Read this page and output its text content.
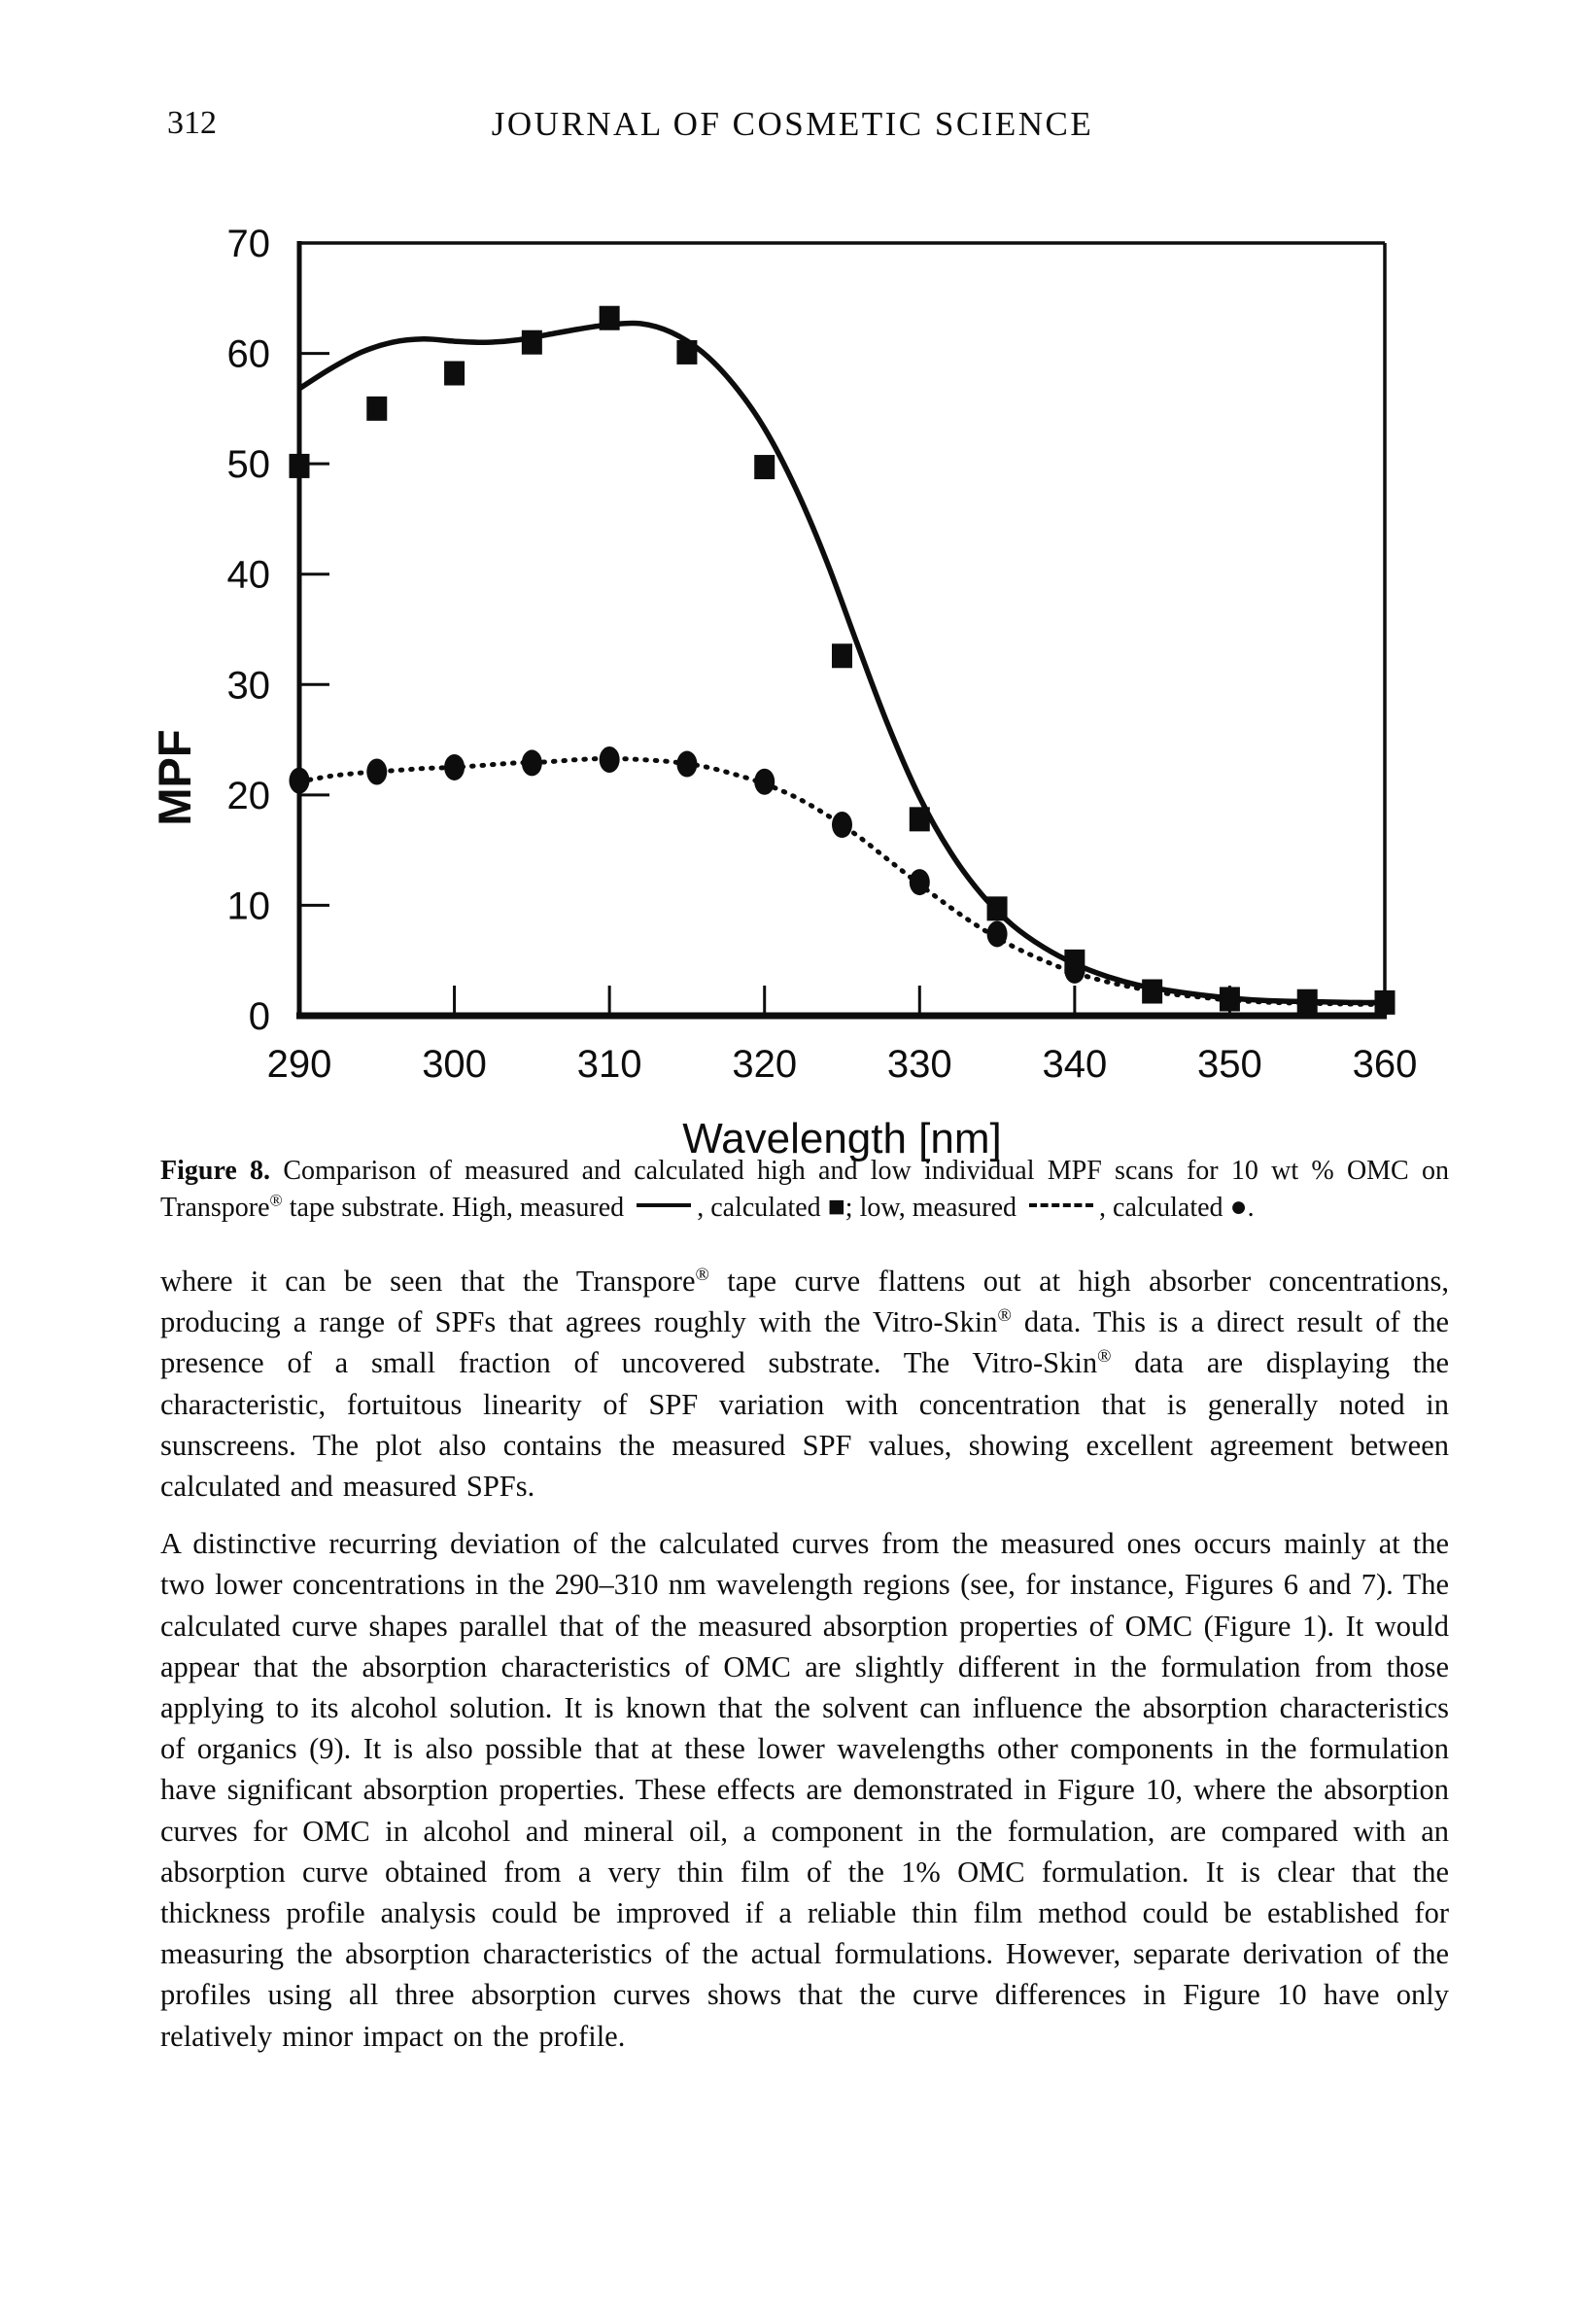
312	JOURNAL OF COSMETIC SCIENCE
290 300 310 320 330 340 350 360
0
10
20
30
40
50
60
70
MPF
Wavelength [nm]

Figure 8. Comparison of measured and calculated high and low individual MPF scans for 10 wt % OMC on Transpore® tape substrate. High, measured , calculated ■; low, measured	, calculated ●.

where it can be seen that the Transpore® tape curve flattens out at high absorber concentrations, producing a range of SPFs that agrees roughly with the Vitro-Skin® data. This is a direct result of the presence of a small fraction of uncovered substrate. The Vitro-Skin® data are displaying the characteristic, fortuitous linearity of SPF variation with concentration that is generally noted in sunscreens. The plot also contains the measured SPF values, showing excellent agreement between calculated and measured SPFs.

A distinctive recurring deviation of the calculated curves from the measured ones occurs mainly at the two lower concentrations in the 290–310 nm wavelength regions (see, for instance, Figures 6 and 7). The calculated curve shapes parallel that of the measured absorption properties of OMC (Figure 1). It would appear that the absorption characteristics of OMC are slightly different in the formulation from those applying to its alcohol solution. It is known that the solvent can influence the absorption characteristics of organics (9). It is also possible that at these lower wavelengths other components in the formulation have significant absorption properties. These effects are demonstrated in Figure 10, where the absorption curves for OMC in alcohol and mineral oil, a component in the formulation, are compared with an absorption curve obtained from a very thin film of the 1% OMC formulation. It is clear that the thickness profile analysis could be improved if a reliable thin film method could be established for measuring the absorption characteristics of the actual formulations. However, separate derivation of the profiles using all three absorption curves shows that the curve differences in Figure 10 have only relatively minor impact on the profile.
